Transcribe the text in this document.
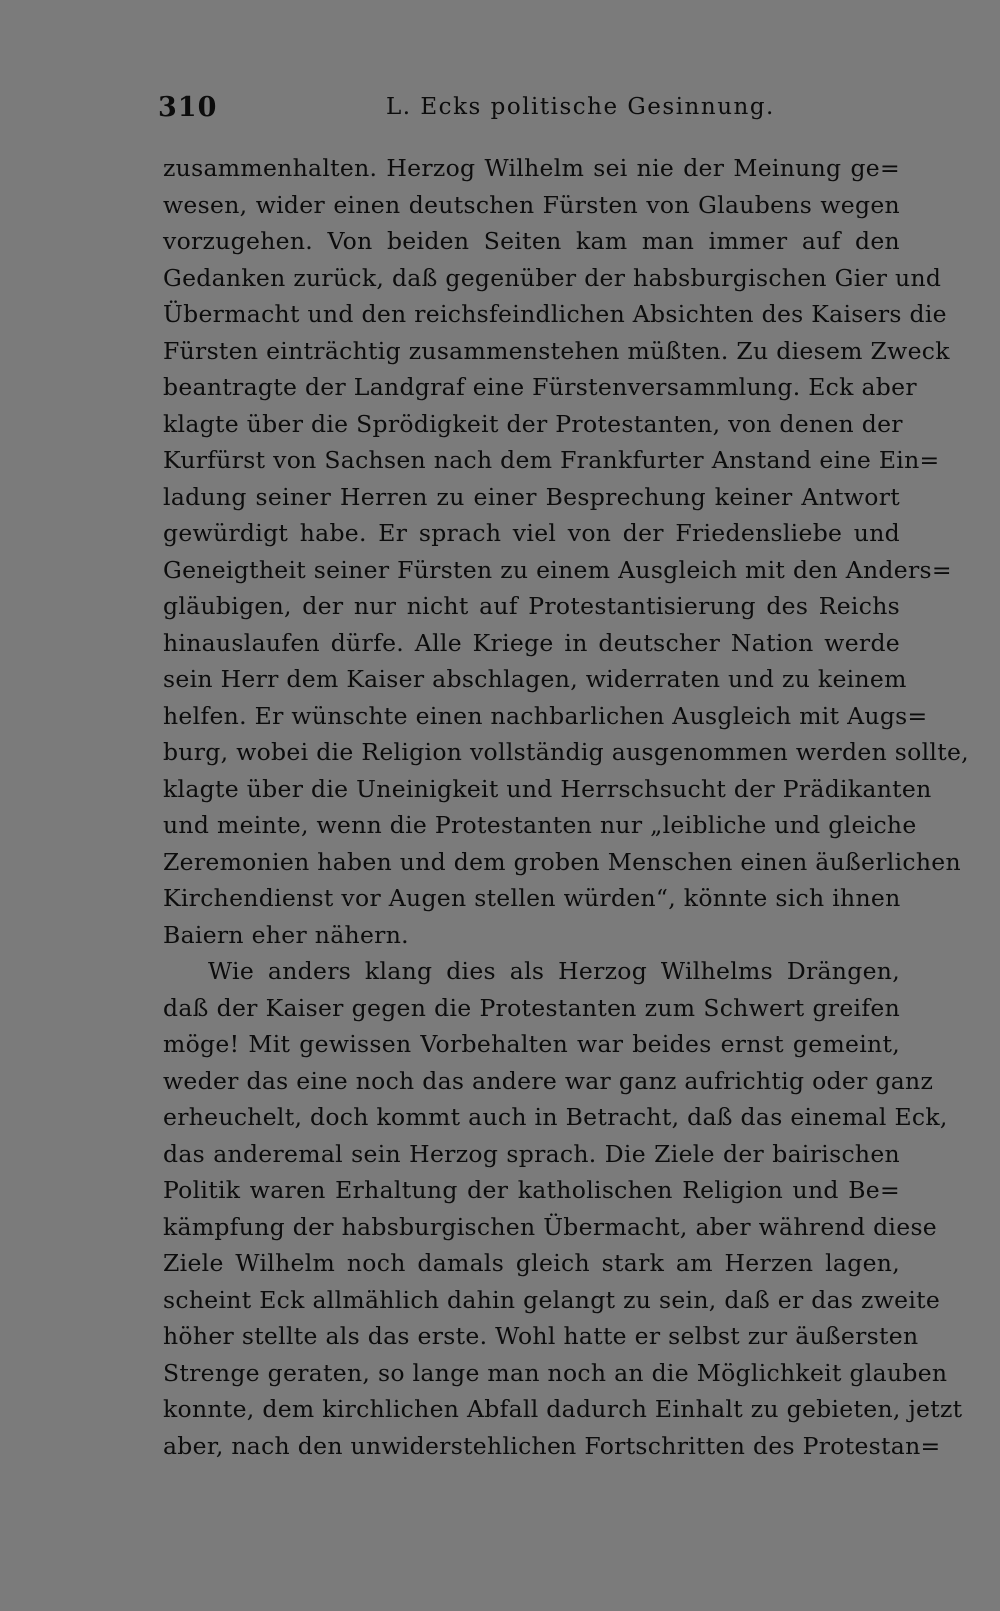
310	L. Ecks politische Gesinnung.
zusammenhalten. Herzog Wilhelm sei nie der Meinung ge=
wesen, wider einen deutschen Fürsten von Glaubens wegen
vorzugehen. Von beiden Seiten kam man immer auf den
Gedanken zurück, daß gegenüber der habsburgischen Gier und
Übermacht und den reichsfeindlichen Absichten des Kaisers die
Fürsten einträchtig zusammenstehen müßten. Zu diesem Zweck
beantragte der Landgraf eine Fürstenversammlung. Eck aber
klagte über die Sprödigkeit der Protestanten, von denen der
Kurfürst von Sachsen nach dem Frankfurter Anstand eine Ein=
ladung seiner Herren zu einer Besprechung keiner Antwort
gewürdigt habe. Er sprach viel von der Friedensliebe und
Geneigtheit seiner Fürsten zu einem Ausgleich mit den Anders=
gläubigen, der nur nicht auf Protestantisierung des Reichs
hinauslaufen dürfe. Alle Kriege in deutscher Nation werde
sein Herr dem Kaiser abschlagen, widerraten und zu keinem
helfen. Er wünschte einen nachbarlichen Ausgleich mit Augs=
burg, wobei die Religion vollständig ausgenommen werden sollte,
klagte über die Uneinigkeit und Herrschsucht der Prädikanten
und meinte, wenn die Protestanten nur „leibliche und gleiche
Zeremonien haben und dem groben Menschen einen äußerlichen
Kirchendienst vor Augen stellen würden“, könnte sich ihnen
Baiern eher nähern.
Wie anders klang dies als Herzog Wilhelms Drängen,
daß der Kaiser gegen die Protestanten zum Schwert greifen
möge! Mit gewissen Vorbehalten war beides ernst gemeint,
weder das eine noch das andere war ganz aufrichtig oder ganz
erheuchelt, doch kommt auch in Betracht, daß das einemal Eck,
das anderemal sein Herzog sprach. Die Ziele der bairischen
Politik waren Erhaltung der katholischen Religion und Be=
kämpfung der habsburgischen Übermacht, aber während diese
Ziele Wilhelm noch damals gleich stark am Herzen lagen,
scheint Eck allmählich dahin gelangt zu sein, daß er das zweite
höher stellte als das erste. Wohl hatte er selbst zur äußersten
Strenge geraten, so lange man noch an die Möglichkeit glauben
konnte, dem kirchlichen Abfall dadurch Einhalt zu gebieten, jetzt
aber, nach den unwiderstehlichen Fortschritten des Protestan=
